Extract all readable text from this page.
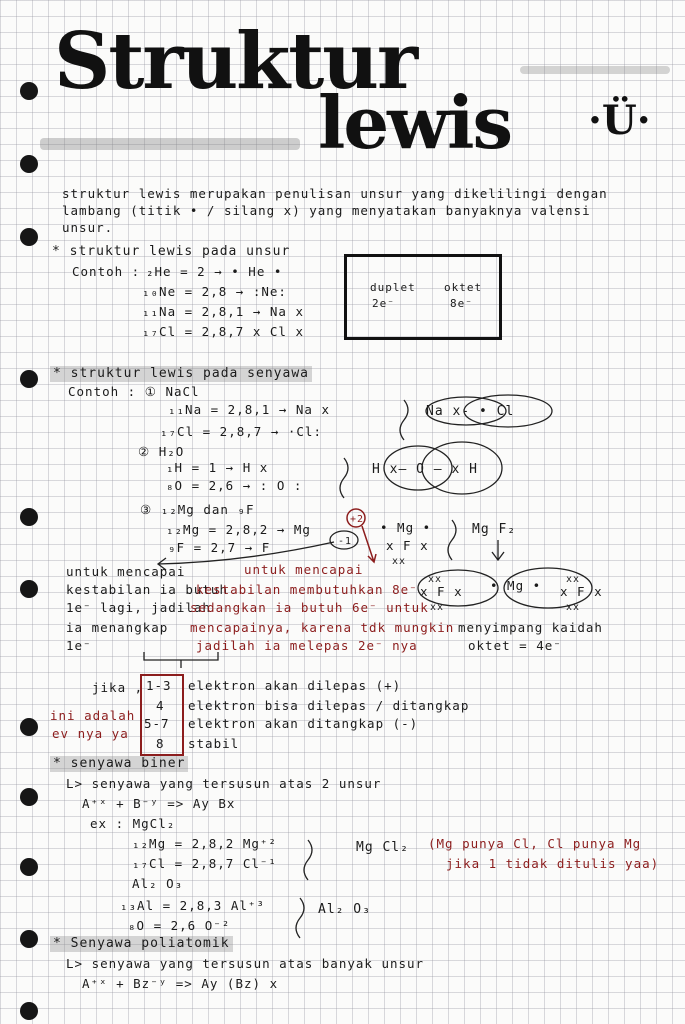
Struktur
lewis ·Ü·
struktur lewis merupakan penulisan unsur yang dikelilingi dengan
lambang (titik • / silang x) yang menyatakan banyaknya valensi
unsur.
* struktur lewis pada unsur
Contoh : ₂He = 2 → • He •
₁₀Ne = 2,8 → :Ne:
₁₁Na = 2,8,1 → Na x
₁₇Cl = 2,8,7 x Cl x
duplet
2e⁻
oktet
8e⁻
* struktur lewis pada senyawa
Contoh : ① NaCl
₁₁Na = 2,8,1 → Na x
₁₇Cl = 2,8,7 → ·Cl:
Na x- • Cl
② H₂O
₁H = 1 → H x
₈O = 2,6 → : O :
H x— O — x H
③ ₁₂Mg dan ₉F
₁₂Mg = 2,8,2 → Mg
₉F = 2,7 → F
• Mg •
x F x
xx
Mg F₂
+2
-1
xx
x F x • Mg • x F x
xx
xx	xx
untuk mencapai
kestabilan ia butuh
1e⁻ lagi, jadilah
ia menangkap
1e⁻
untuk mencapai
kestabilan membutuhkan 8e⁻
sedangkan ia butuh 6e⁻ untuk
mencapainya, karena tdk mungkin
jadilah ia melepas 2e⁻ nya
menyimpang kaidah
oktet = 4e⁻
jika , 1-3 elektron akan dilepas (+)
4 elektron bisa dilepas / ditangkap
5-7 elektron akan ditangkap (-)
8 stabil
ini adalah
ev nya ya
* senyawa biner
L> senyawa yang tersusun atas 2 unsur
A⁺ˣ + B⁻ʸ => Ay Bx
ex : MgCl₂
₁₂Mg = 2,8,2 Mg⁺²
₁₇Cl = 2,8,7 Cl⁻¹
Mg Cl₂ (Mg punya Cl, Cl punya Mg
jika 1 tidak ditulis yaa)
Al₂ O₃
₁₃Al = 2,8,3 Al⁺³
₈O = 2,6 O⁻²
Al₂ O₃
* Senyawa poliatomik
L> senyawa yang tersusun atas banyak unsur
A⁺ˣ + Bz⁻ʸ => Ay (Bz) x
